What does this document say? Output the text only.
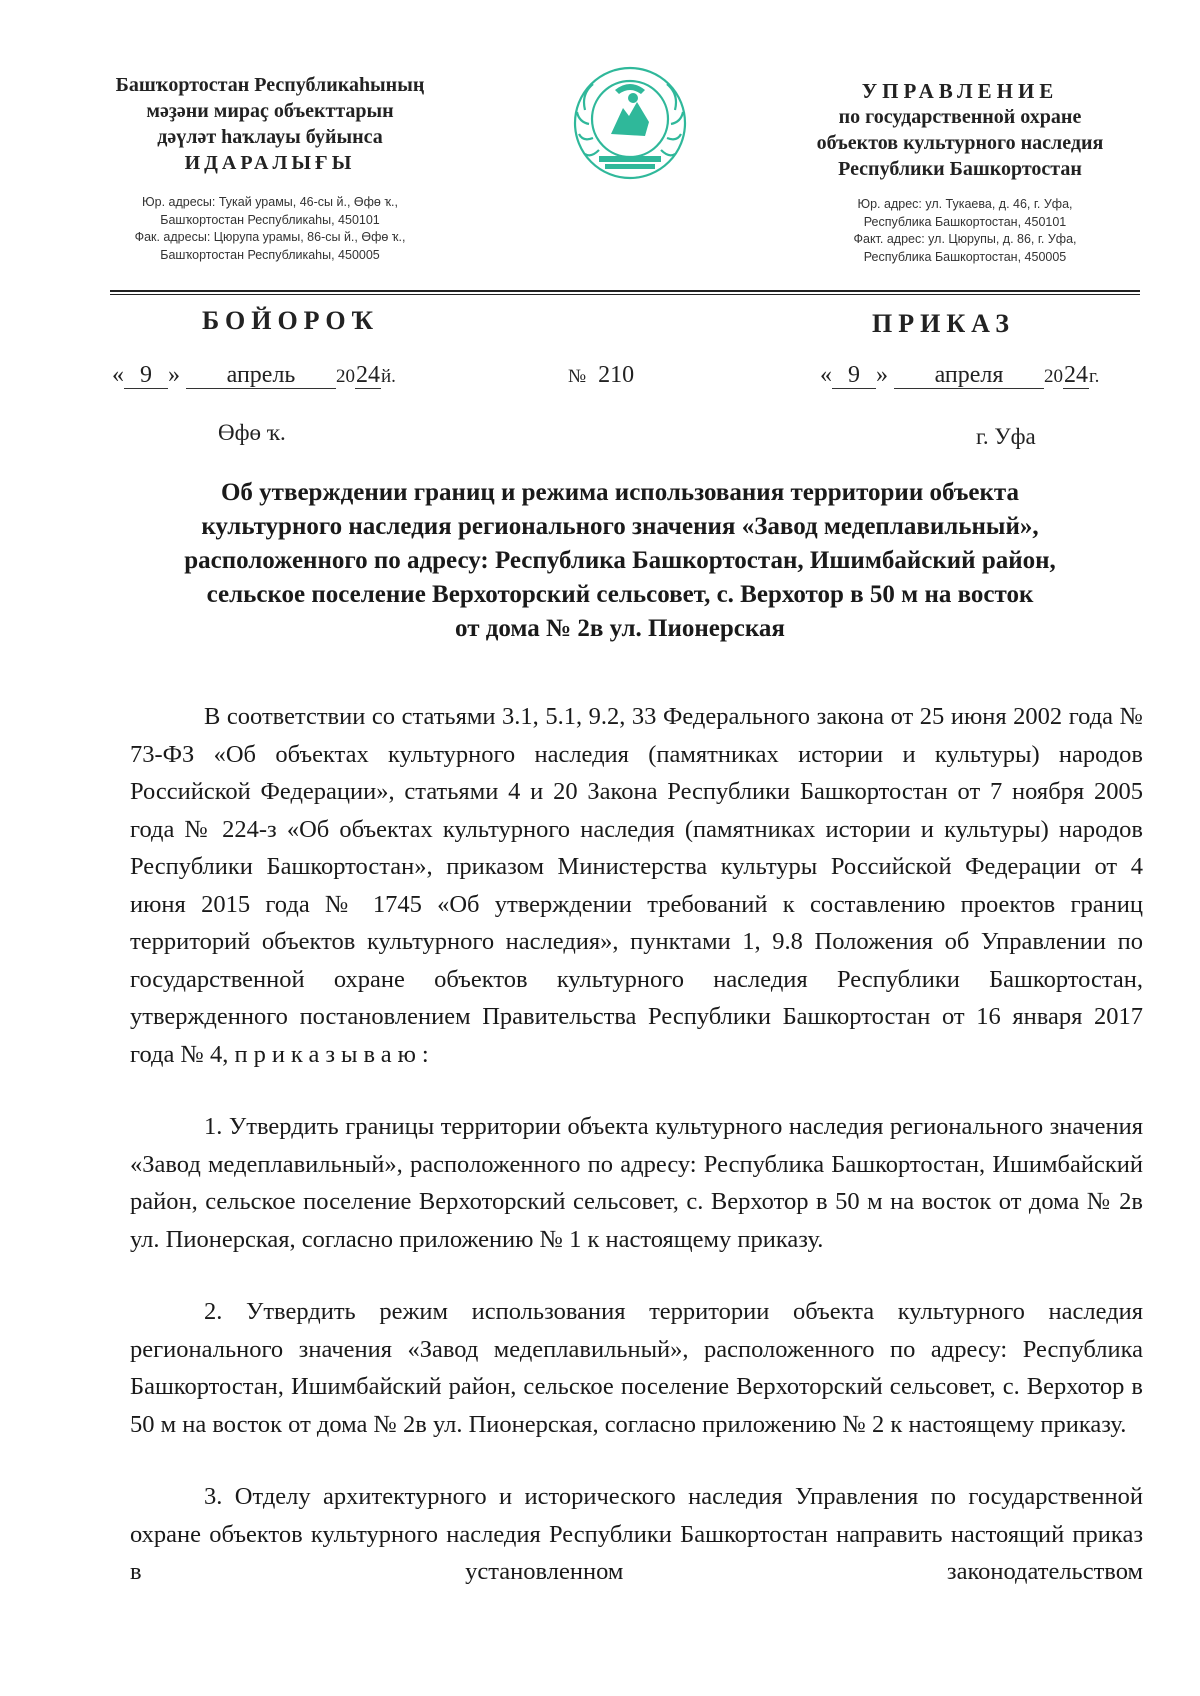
Башҡортостан Республикаһының
мәҙәни мираҫ объекттарын
дәүләт һаҡлауы буйынса
ИДАРАЛЫҒЫ
Юр. адресы: Тукай урамы, 46-сы й., Өфө ҡ.,
Башҡортостан Республикаһы, 450101
Фак. адресы: Цюрупа урамы, 86-сы й., Өфө ҡ.,
Башҡортостан Республикаһы, 450005
УПРАВЛЕНИЕ
по государственной охране
объектов культурного наследия
Республики Башкортостан
Юр. адрес: ул. Тукаева, д. 46, г. Уфа,
Республика Башкортостан, 450101
Факт. адрес: ул. Цюрупы, д. 86, г. Уфа,
Республика Башкортостан, 450005
БОЙОРОҠ	ПРИКАЗ
« 9 » апрель 2024й.	№ 210	« 9 » апреля 2024г.
Өфө ҡ.	г. Уфа
Об утверждении границ и режима использования территории объекта
культурного наследия регионального значения «Завод медеплавильный»,
расположенного по адресу: Республика Башкортостан, Ишимбайский район,
сельское поселение Верхоторский сельсовет, с. Верхотор в 50 м на восток
от дома № 2в ул. Пионерская

В соответствии со статьями 3.1, 5.1, 9.2, 33 Федерального закона от 25 июня 2002 года № 73-ФЗ «Об объектах культурного наследия (памятниках истории и культуры) народов Российской Федерации», статьями 4 и 20 Закона Республики Башкортостан от 7 ноября 2005 года № 224-з «Об объектах культурного наследия (памятниках истории и культуры) народов Республики Башкортостан», приказом Министерства культуры Российской Федерации от 4 июня 2015 года № 1745 «Об утверждении требований к составлению проектов границ территорий объектов культурного наследия», пунктами 1, 9.8 Положения об Управлении по государственной охране объектов культурного наследия Республики Башкортостан, утвержденного постановлением Правительства Республики Башкортостан от 16 января 2017 года № 4, приказываю:

1. Утвердить границы территории объекта культурного наследия регионального значения «Завод медеплавильный», расположенного по адресу: Республика Башкортостан, Ишимбайский район, сельское поселение Верхоторский сельсовет, с. Верхотор в 50 м на восток от дома № 2в ул. Пионерская, согласно приложению № 1 к настоящему приказу.

2. Утвердить режим использования территории объекта культурного наследия регионального значения «Завод медеплавильный», расположенного по адресу: Республика Башкортостан, Ишимбайский район, сельское поселение Верхоторский сельсовет, с. Верхотор в 50 м на восток от дома № 2в ул. Пионерская, согласно приложению № 2 к настоящему приказу.

3. Отделу архитектурного и исторического наследия Управления по государственной охране объектов культурного наследия Республики Башкортостан направить настоящий приказ в установленном законодательством
